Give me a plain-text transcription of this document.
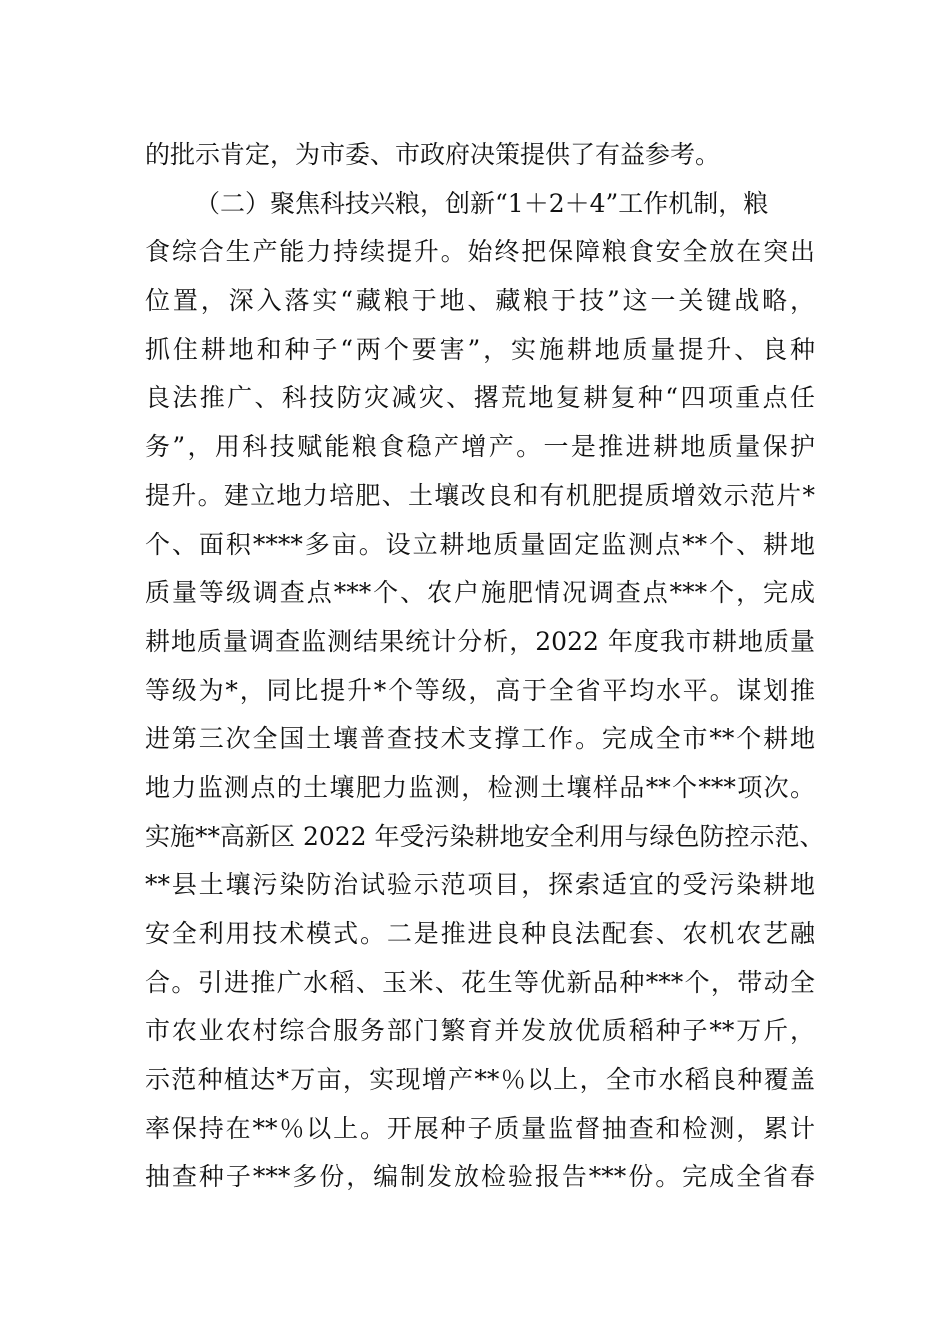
的批示肯定，为市委、市政府决策提供了有益参考。
（二）聚焦科技兴粮，创新“1＋2＋4”工作机制，粮
食综合生产能力持续提升。始终把保障粮食安全放在突出
位置，深入落实“藏粮于地、藏粮于技”这一关键战略，
抓住耕地和种子“两个要害”，实施耕地质量提升、良种
良法推广、科技防灾减灾、撂荒地复耕复种“四项重点任
务”，用科技赋能粮食稳产增产。一是推进耕地质量保护
提升。建立地力培肥、土壤改良和有机肥提质增效示范片*
个、面积****多亩。设立耕地质量固定监测点**个、耕地
质量等级调查点***个、农户施肥情况调查点***个，完成
耕地质量调查监测结果统计分析，2022 年度我市耕地质量
等级为*，同比提升*个等级，高于全省平均水平。谋划推
进第三次全国土壤普查技术支撑工作。完成全市**个耕地
地力监测点的土壤肥力监测，检测土壤样品**个***项次。
实施**高新区 2022 年受污染耕地安全利用与绿色防控示范、
**县土壤污染防治试验示范项目，探索适宜的受污染耕地
安全利用技术模式。二是推进良种良法配套、农机农艺融
合。引进推广水稻、玉米、花生等优新品种***个，带动全
市农业农村综合服务部门繁育并发放优质稻种子**万斤，
示范种植达*万亩，实现增产**％以上，全市水稻良种覆盖
率保持在**％以上。开展种子质量监督抽查和检测，累计
抽查种子***多份，编制发放检验报告***份。完成全省春
